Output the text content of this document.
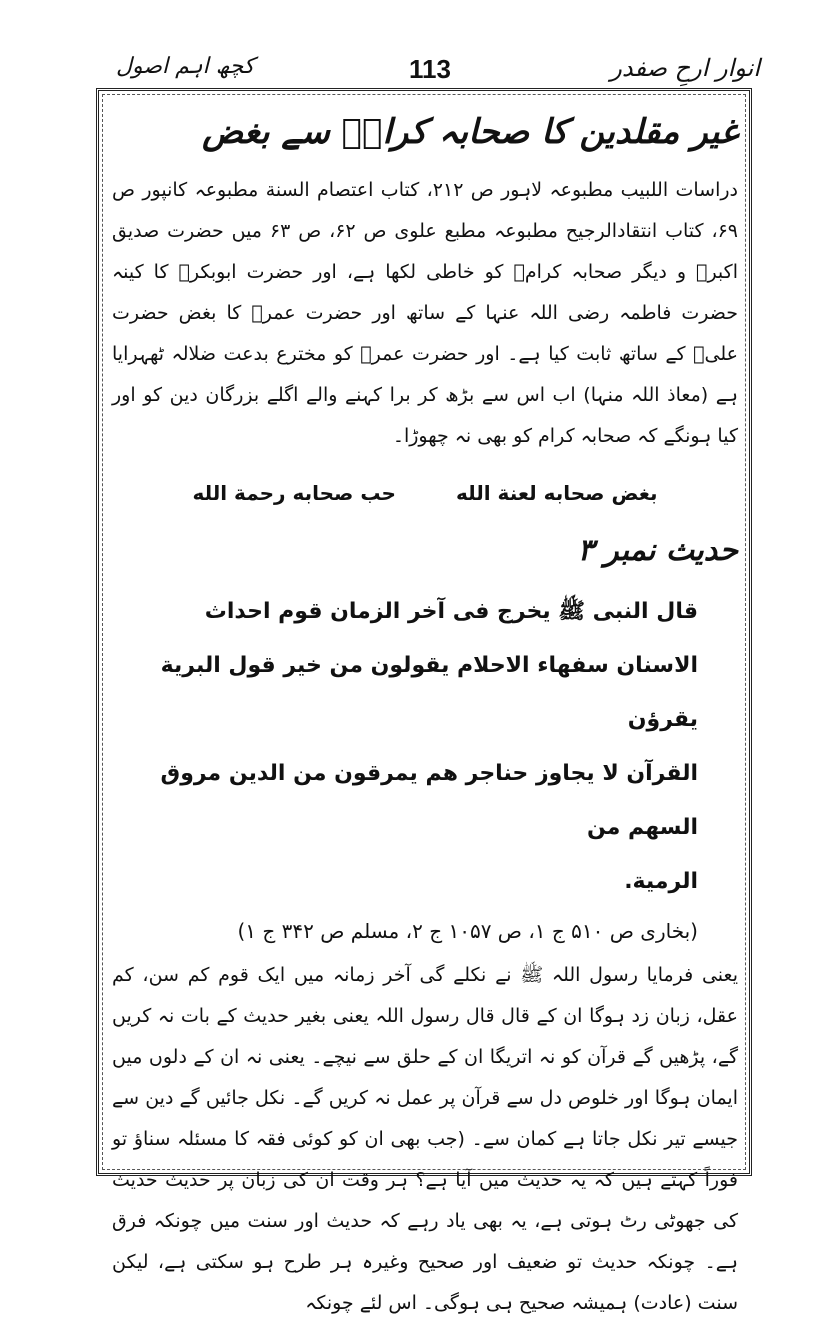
انوار ارحِ صفدر
113
کچھ اہم اصول
غیر مقلدین کا صحابہ کرامؓ سے بغض

دراسات اللبیب مطبوعہ لاہور ص ۲۱۲، کتاب اعتصام السنة مطبوعہ کانپور ص ۶۹، کتاب انتقادالرجیح مطبوعہ مطبع علوی ص ۶۲، ص ۶۳ میں حضرت صدیق اکبرؓ و دیگر صحابہ کرامؓ کو خاطی لکھا ہے، اور حضرت ابوبکرؓ کا کینہ حضرت فاطمہ رضی اللہ عنہا کے ساتھ اور حضرت عمرؓ کا بغض حضرت علیؓ کے ساتھ ثابت کیا ہے۔ اور حضرت عمرؓ کو مخترع بدعت ضلالہ ٹھہرایا ہے (معاذ اللہ منہا) اب اس سے بڑھ کر برا کہنے والے اگلے بزرگان دین کو اور کیا ہونگے کہ صحابہ کرام کو بھی نہ چھوڑا۔

بغض صحابه لعنة الله
حب صحابه رحمة الله
حدیث نمبر ۳

قال النبی ﷺ یخرج فی آخر الزمان قوم احداث

الاسنان سفهاء الاحلام یقولون من خیر قول البریة یقرؤن

القرآن لا یجاوز حناجر هم یمرقون من الدین مروق السهم من

الرمیة.

(بخاری ص ۵۱۰ ج ۱، ص ۱۰۵۷ ج ۲، مسلم ص ۳۴۲ ج ۱)

یعنی فرمایا رسول اللہ ﷺ نے نکلے گی آخر زمانہ میں ایک قوم کم سن، کم عقل، زبان زد ہوگا ان کے قال قال رسول اللہ یعنی بغیر حدیث کے بات نہ کریں گے، پڑھیں گے قرآن کو نہ اتریگا ان کے حلق سے نیچے۔ یعنی نہ ان کے دلوں میں ایمان ہوگا اور خلوص دل سے قرآن پر عمل نہ کریں گے۔ نکل جائیں گے دین سے جیسے تیر نکل جاتا ہے کمان سے۔ (جب بھی ان کو کوئی فقہ کا مسئلہ سناؤ تو فوراً کہتے ہیں کہ یہ حدیث میں آیا ہے؟ ہر وقت ان کی زبان پر حدیث حدیث کی جھوٹی رٹ ہوتی ہے، یہ بھی یاد رہے کہ حدیث اور سنت میں چونکہ فرق ہے۔ چونکہ حدیث تو ضعیف اور صحیح وغیرہ ہر طرح ہو سکتی ہے، لیکن سنت (عادت) ہمیشہ صحیح ہی ہوگی۔ اس لئے چونکہ
